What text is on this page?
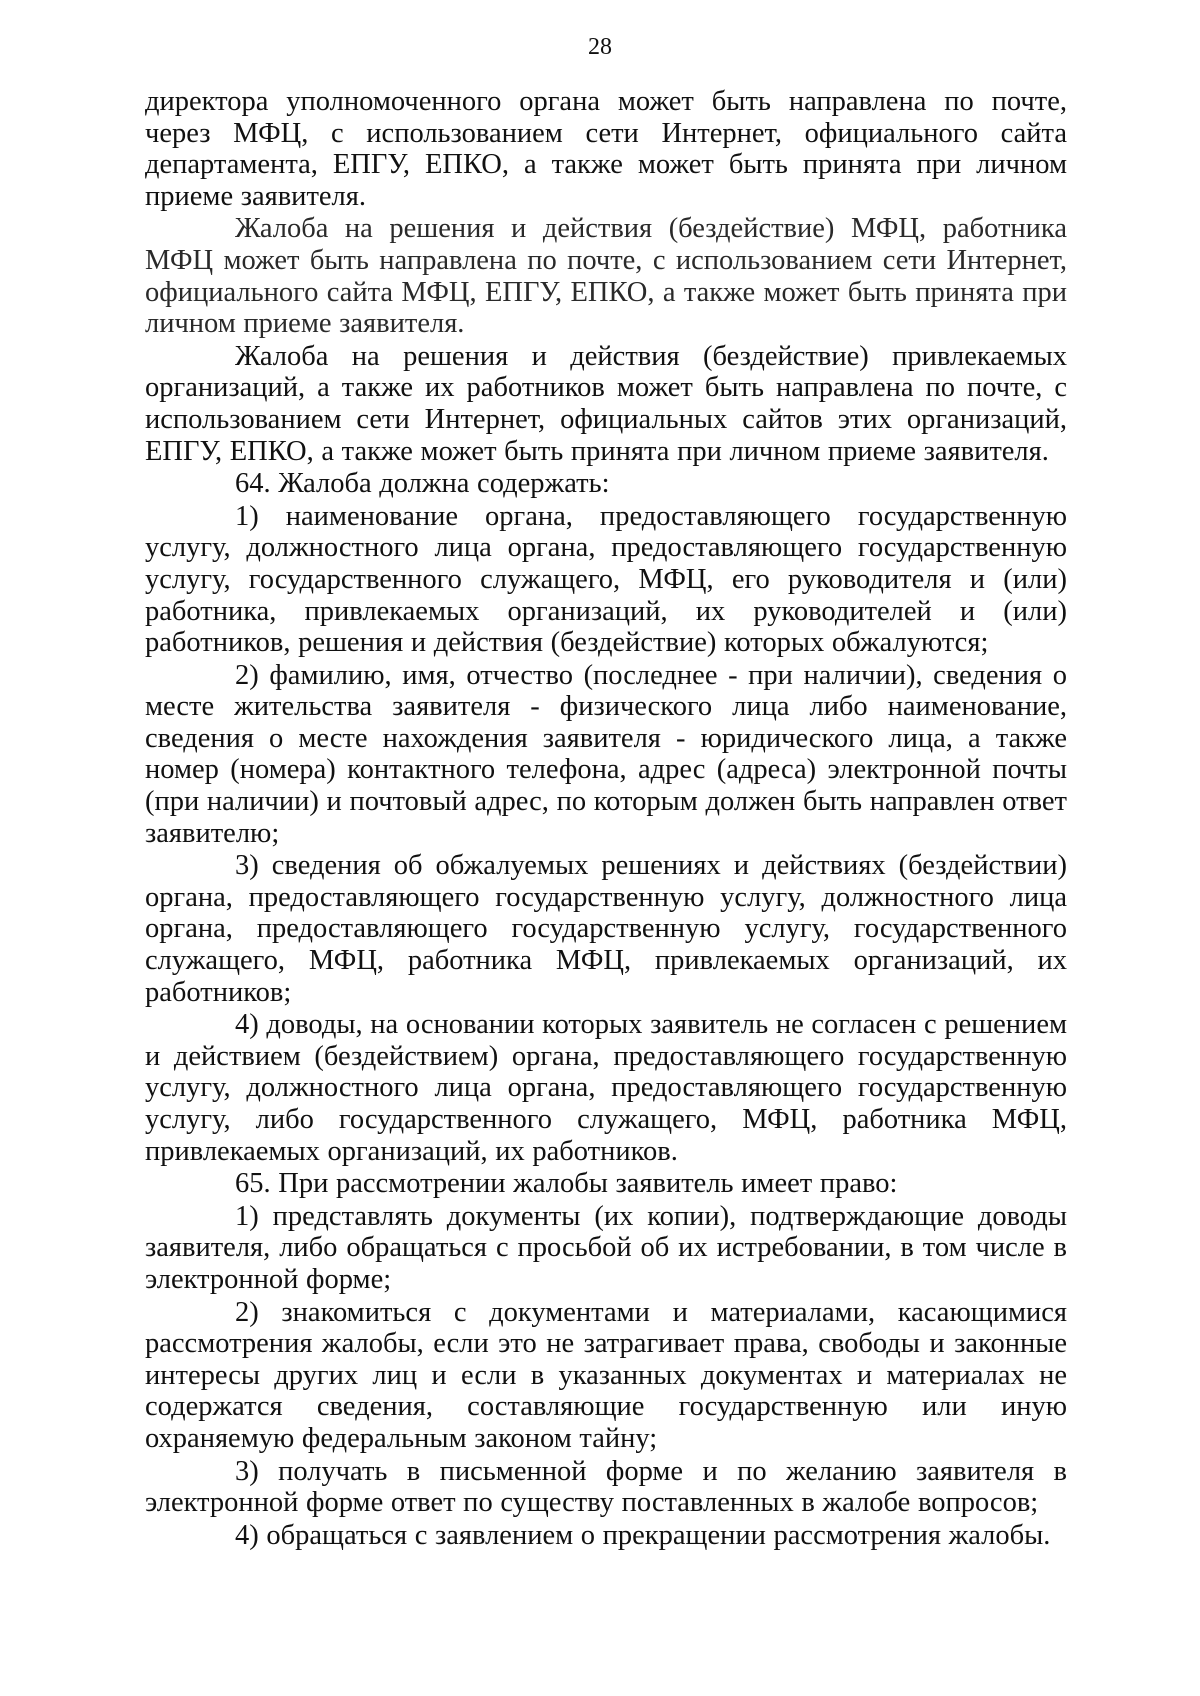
28

директора уполномоченного органа может быть направлена по почте, через МФЦ, с использованием сети Интернет, официального сайта департамента, ЕПГУ, ЕПКО, а также может быть принята при личном приеме заявителя.

Жалоба на решения и действия (бездействие) МФЦ, работника МФЦ может быть направлена по почте, с использованием сети Интернет, официального сайта МФЦ, ЕПГУ, ЕПКО, а также может быть принята при личном приеме заявителя.

Жалоба на решения и действия (бездействие) привлекаемых организаций, а также их работников может быть направлена по почте, с использованием сети Интернет, официальных сайтов этих организаций, ЕПГУ, ЕПКО, а также может быть принята при личном приеме заявителя.

64. Жалоба должна содержать:

1) наименование органа, предоставляющего государственную услугу, должностного лица органа, предоставляющего государственную услугу, государственного служащего, МФЦ, его руководителя и (или) работника, привлекаемых организаций, их руководителей и (или) работников, решения и действия (бездействие) которых обжалуются;

2) фамилию, имя, отчество (последнее - при наличии), сведения о месте жительства заявителя - физического лица либо наименование, сведения о месте нахождения заявителя - юридического лица, а также номер (номера) контактного телефона, адрес (адреса) электронной почты (при наличии) и почтовый адрес, по которым должен быть направлен ответ заявителю;

3) сведения об обжалуемых решениях и действиях (бездействии) органа, предоставляющего государственную услугу, должностного лица органа, предоставляющего государственную услугу, государственного служащего, МФЦ, работника МФЦ, привлекаемых организаций, их работников;

4) доводы, на основании которых заявитель не согласен с решением и действием (бездействием) органа, предоставляющего государственную услугу, должностного лица органа, предоставляющего государственную услугу, либо государственного служащего, МФЦ, работника МФЦ, привлекаемых организаций, их работников.

65. При рассмотрении жалобы заявитель имеет право:

1) представлять документы (их копии), подтверждающие доводы заявителя, либо обращаться с просьбой об их истребовании, в том числе в электронной форме;

2) знакомиться с документами и материалами, касающимися рассмотрения жалобы, если это не затрагивает права, свободы и законные интересы других лиц и если в указанных документах и материалах не содержатся сведения, составляющие государственную или иную охраняемую федеральным законом тайну;

3) получать в письменной форме и по желанию заявителя в электронной форме ответ по существу поставленных в жалобе вопросов;

4) обращаться с заявлением о прекращении рассмотрения жалобы.
